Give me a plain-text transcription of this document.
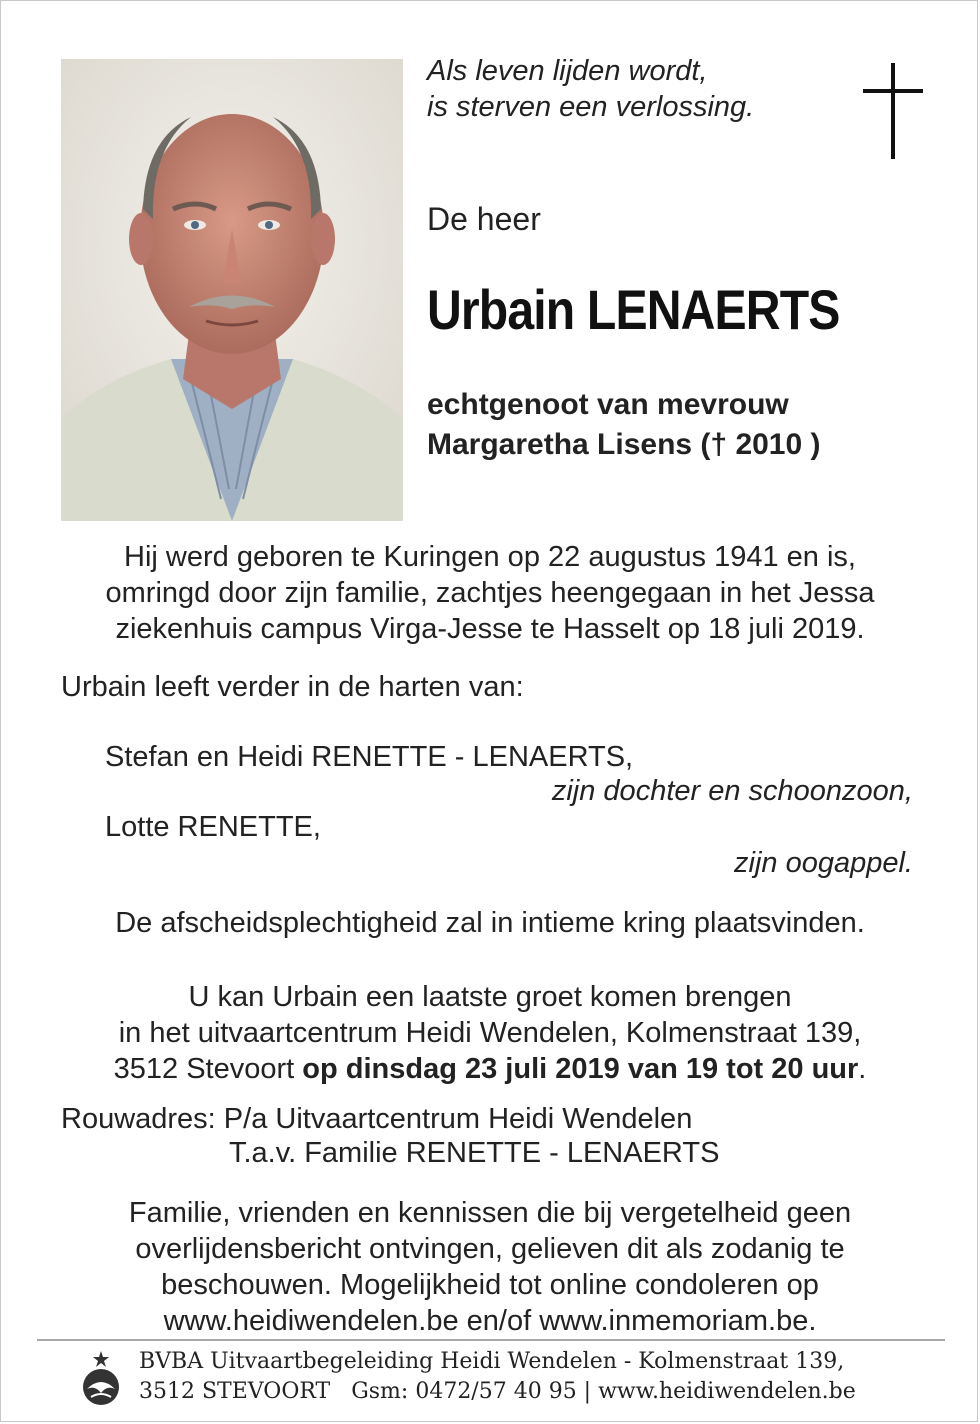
Als leven lijden wordt,
is sterven een verlossing.
De heer
Urbain LENAERTS
echtgenoot van mevrouw
Margaretha Lisens († 2010 )
Hij werd geboren te Kuringen op 22 augustus 1941 en is,
omringd door zijn familie, zachtjes heengegaan in het Jessa
ziekenhuis campus Virga-Jesse te Hasselt op 18 juli 2019.
Urbain leeft verder in de harten van:
Stefan en Heidi RENETTE - LENAERTS,
zijn dochter en schoonzoon,
Lotte RENETTE,
zijn oogappel.
De afscheidsplechtigheid zal in intieme kring plaatsvinden.
U kan Urbain een laatste groet komen brengen
in het uitvaartcentrum Heidi Wendelen, Kolmenstraat 139,
3512 Stevoort op dinsdag 23 juli 2019 van 19 tot 20 uur.
Rouwadres: P/a Uitvaartcentrum Heidi Wendelen
T.a.v. Familie RENETTE - LENAERTS
Familie, vrienden en kennissen die bij vergetelheid geen
overlijdensbericht ontvingen, gelieven dit als zodanig te
beschouwen. Mogelijkheid tot online condoleren op
www.heidiwendelen.be en/of www.inmemoriam.be.
BVBA Uitvaartbegeleiding Heidi Wendelen - Kolmenstraat 139,
3512 STEVOORT   Gsm: 0472/57 40 95 | www.heidiwendelen.be
